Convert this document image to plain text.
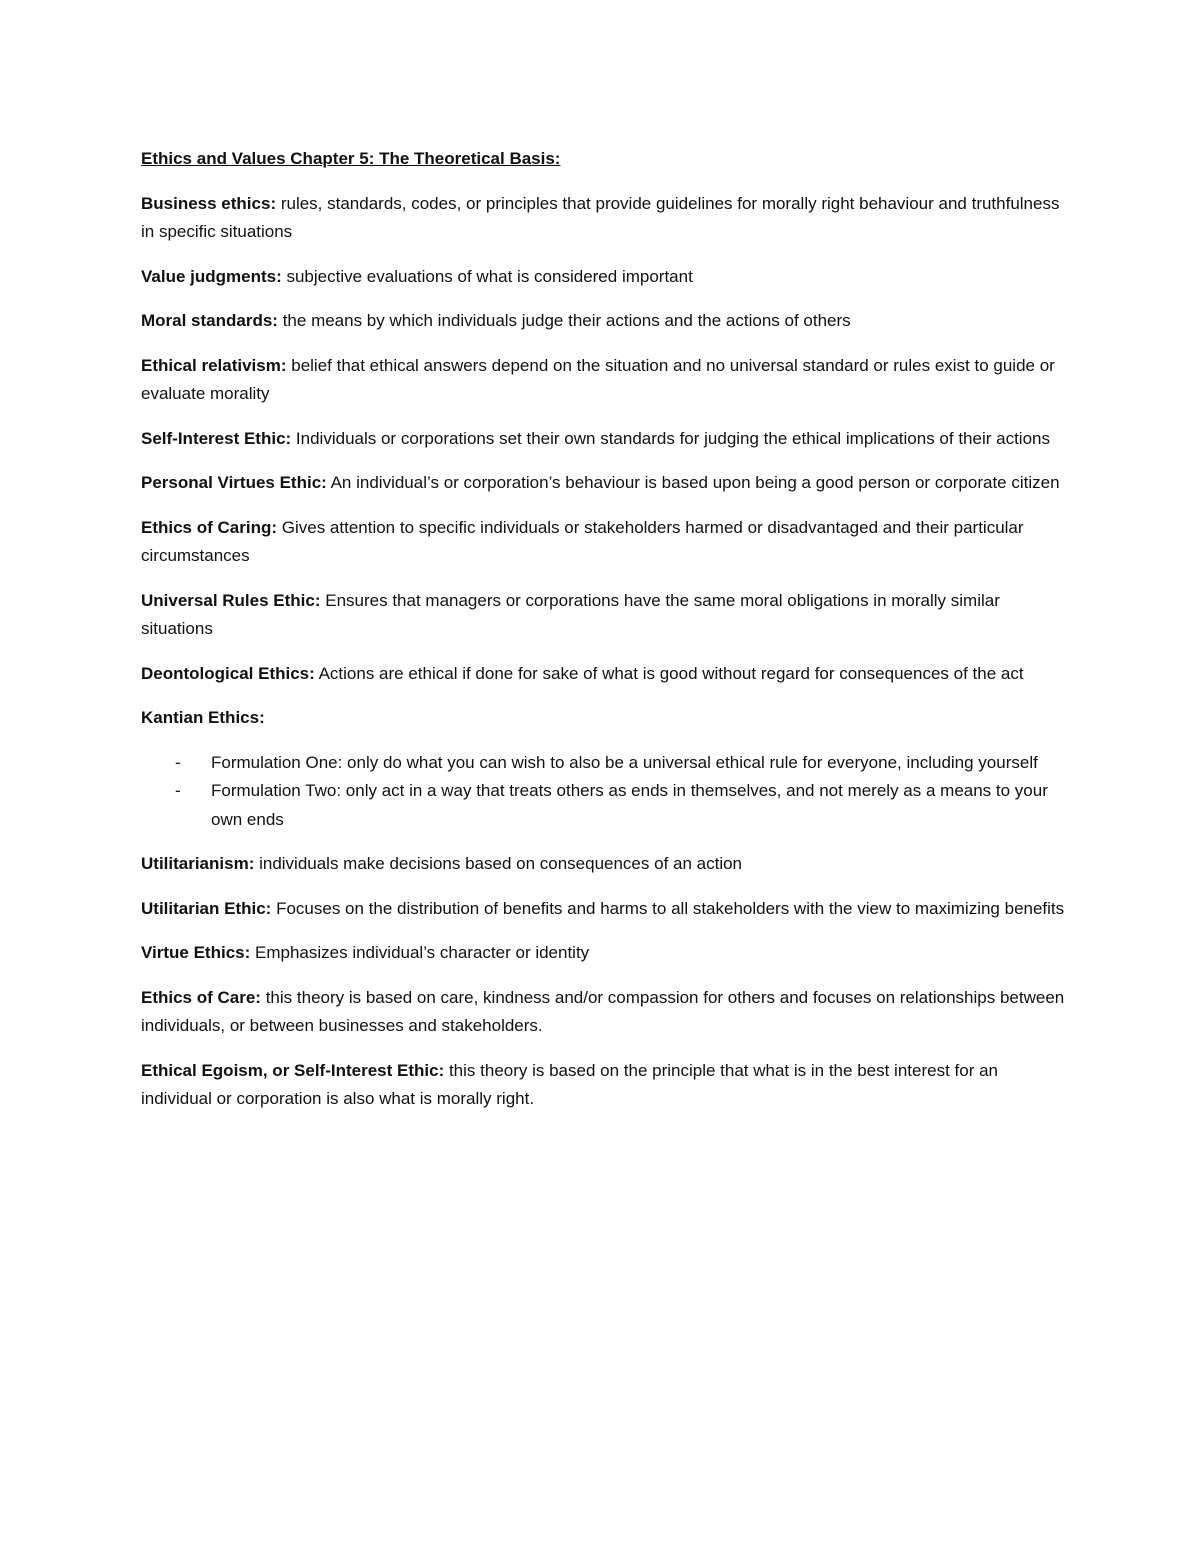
Ethics and Values Chapter 5: The Theoretical Basis:

Business ethics: rules, standards, codes, or principles that provide guidelines for morally right behaviour and truthfulness in specific situations

Value judgments: subjective evaluations of what is considered important

Moral standards: the means by which individuals judge their actions and the actions of others

Ethical relativism: belief that ethical answers depend on the situation and no universal standard or rules exist to guide or evaluate morality

Self-Interest Ethic: Individuals or corporations set their own standards for judging the ethical implications of their actions

Personal Virtues Ethic: An individual’s or corporation’s behaviour is based upon being a good person or corporate citizen

Ethics of Caring: Gives attention to specific individuals or stakeholders harmed or disadvantaged and their particular circumstances

Universal Rules Ethic: Ensures that managers or corporations have the same moral obligations in morally similar situations

Deontological Ethics: Actions are ethical if done for sake of what is good without regard for consequences of the act

Kantian Ethics:

- Formulation One: only do what you can wish to also be a universal ethical rule for everyone, including yourself
- Formulation Two: only act in a way that treats others as ends in themselves, and not merely as a means to your own ends

Utilitarianism: individuals make decisions based on consequences of an action

Utilitarian Ethic: Focuses on the distribution of benefits and harms to all stakeholders with the view to maximizing benefits

Virtue Ethics: Emphasizes individual’s character or identity

Ethics of Care: this theory is based on care, kindness and/or compassion for others and focuses on relationships between individuals, or between businesses and stakeholders.

Ethical Egoism, or Self-Interest Ethic: this theory is based on the principle that what is in the best interest for an individual or corporation is also what is morally right.
